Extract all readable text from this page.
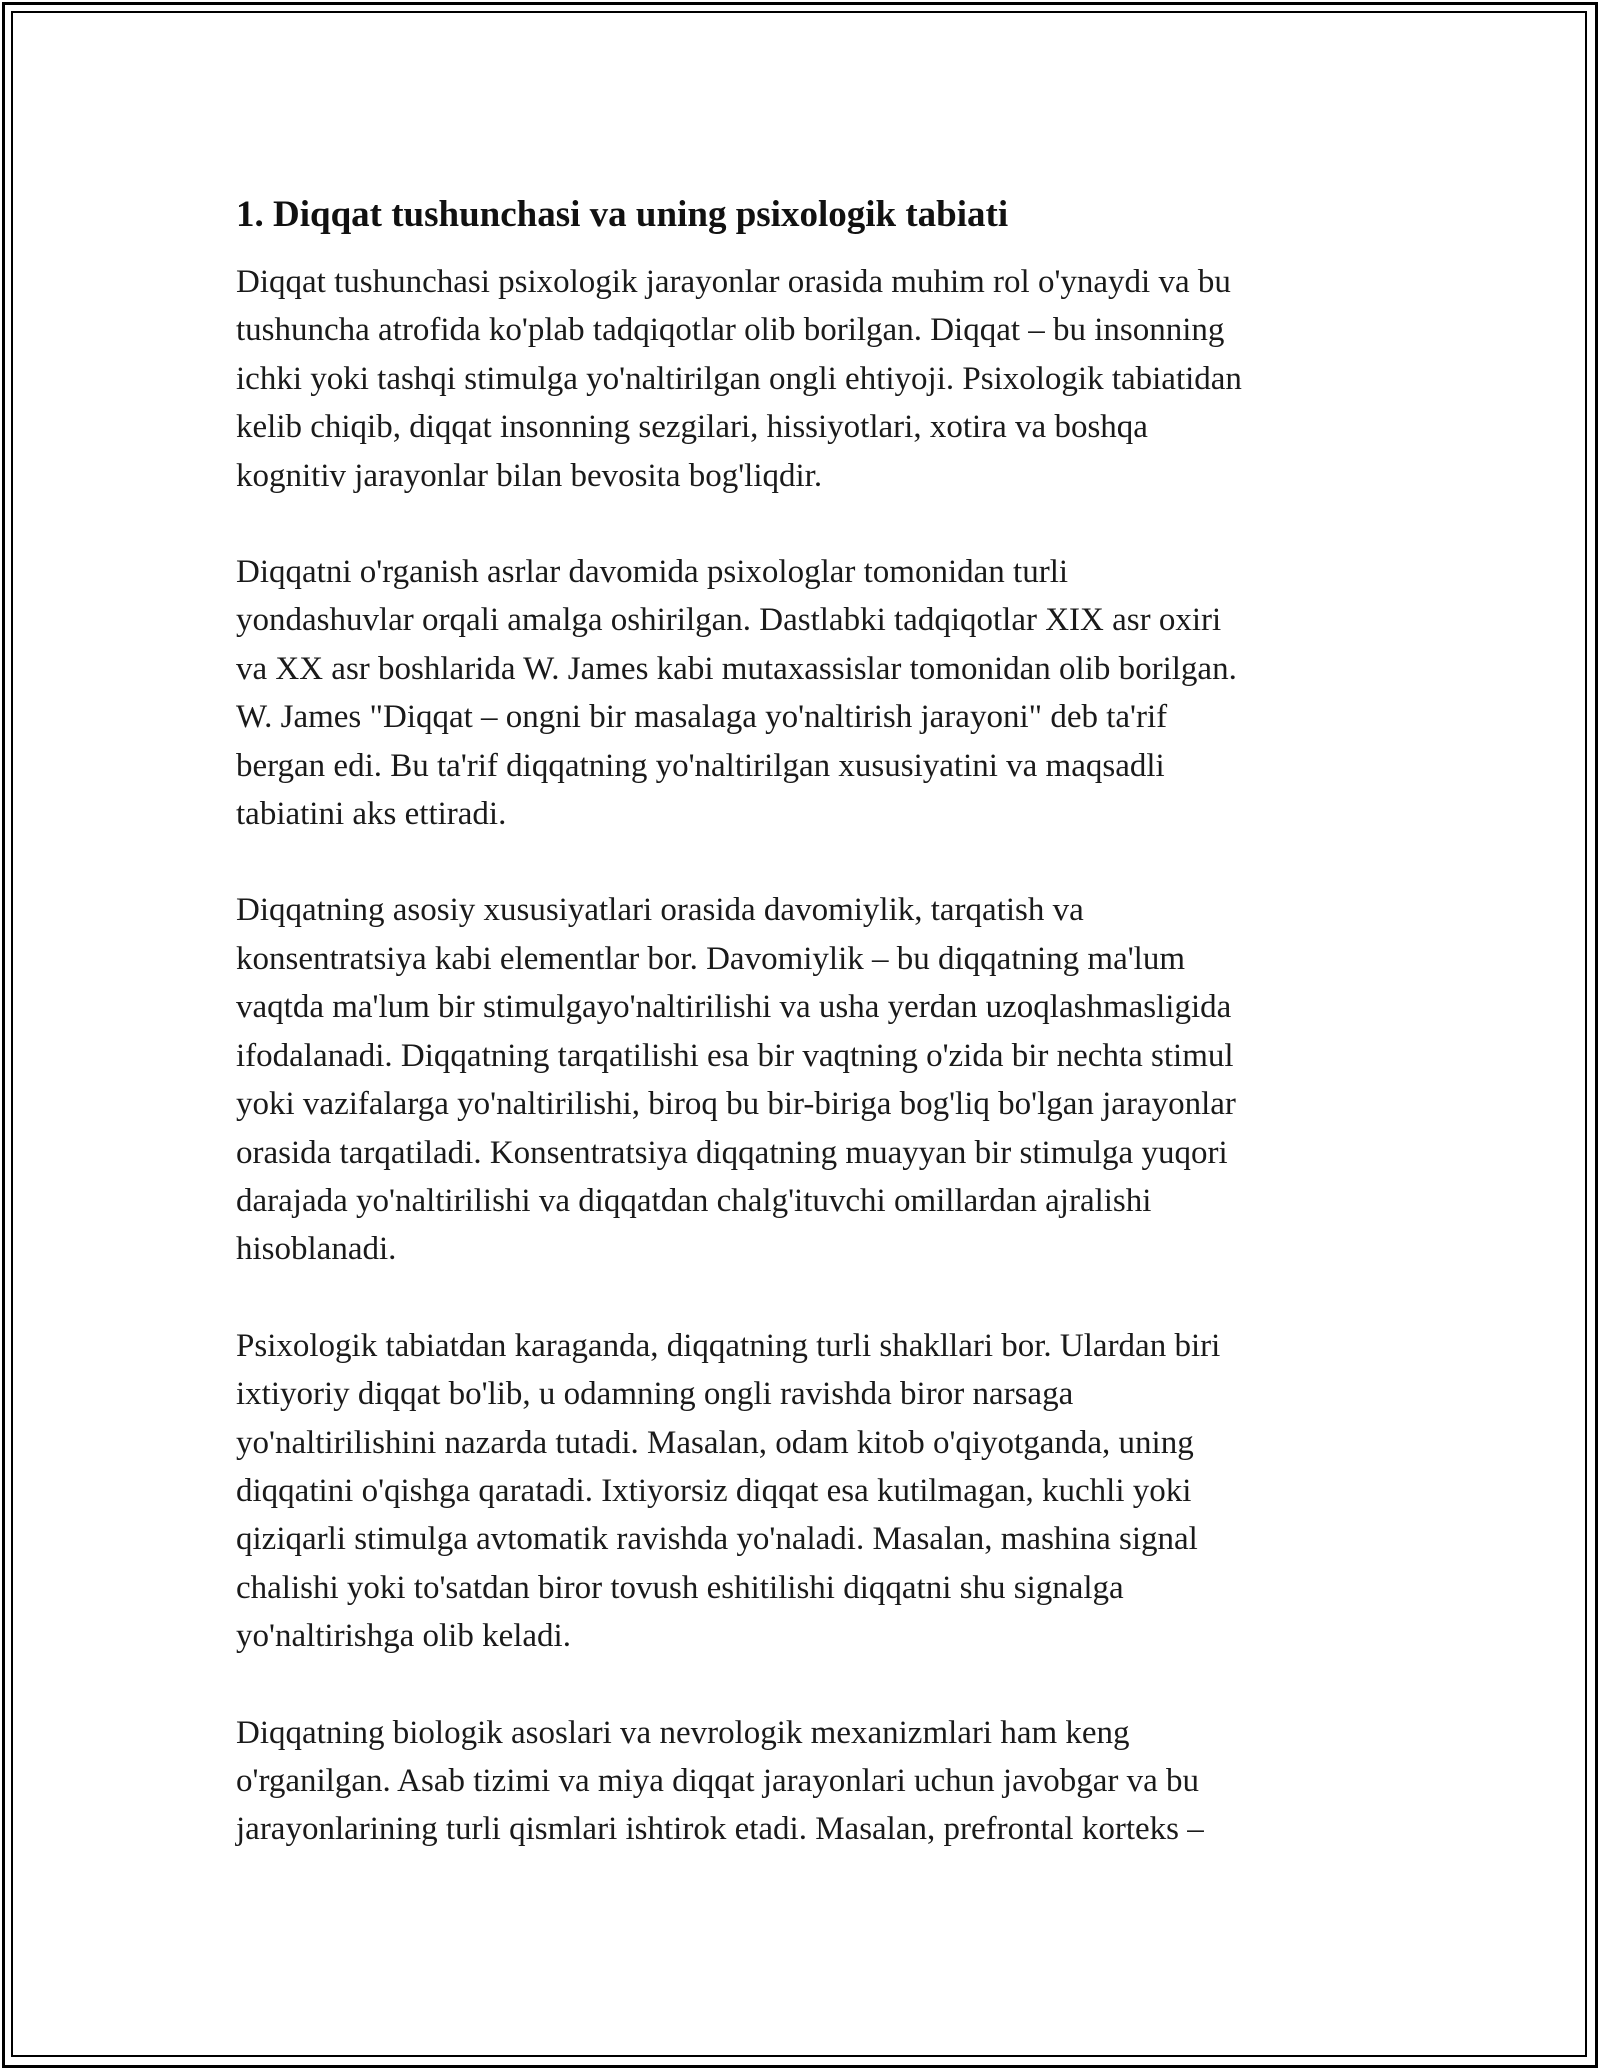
1. Diqqat tushunchasi va uning psixologik tabiati

Diqqat tushunchasi psixologik jarayonlar orasida muhim rol o'ynaydi va bu
tushuncha atrofida ko'plab tadqiqotlar olib borilgan. Diqqat – bu insonning
ichki yoki tashqi stimulga yo'naltirilgan ongli ehtiyoji. Psixologik tabiatidan
kelib chiqib, diqqat insonning sezgilari, hissiyotlari, xotira va boshqa
kognitiv jarayonlar bilan bevosita bog'liqdir.

Diqqatni o'rganish asrlar davomida psixologlar tomonidan turli
yondashuvlar orqali amalga oshirilgan. Dastlabki tadqiqotlar XIX asr oxiri
va XX asr boshlarida W. James kabi mutaxassislar tomonidan olib borilgan.
W. James "Diqqat – ongni bir masalaga yo'naltirish jarayoni" deb ta'rif
bergan edi. Bu ta'rif diqqatning yo'naltirilgan xususiyatini va maqsadli
tabiatini aks ettiradi.

Diqqatning asosiy xususiyatlari orasida davomiylik, tarqatish va
konsentratsiya kabi elementlar bor. Davomiylik – bu diqqatning ma'lum
vaqtda ma'lum bir stimulgayo'naltirilishi va usha yerdan uzoqlashmasligida
ifodalanadi. Diqqatning tarqatilishi esa bir vaqtning o'zida bir nechta stimul
yoki vazifalarga yo'naltirilishi, biroq bu bir-biriga bog'liq bo'lgan jarayonlar
orasida tarqatiladi. Konsentratsiya diqqatning muayyan bir stimulga yuqori
darajada yo'naltirilishi va diqqatdan chalg'ituvchi omillardan ajralishi
hisoblanadi.

Psixologik tabiatdan karaganda, diqqatning turli shakllari bor. Ulardan biri
ixtiyoriy diqqat bo'lib, u odamning ongli ravishda biror narsaga
yo'naltirilishini nazarda tutadi. Masalan, odam kitob o'qiyotganda, uning
diqqatini o'qishga qaratadi. Ixtiyorsiz diqqat esa kutilmagan, kuchli yoki
qiziqarli stimulga avtomatik ravishda yo'naladi. Masalan, mashina signal
chalishi yoki to'satdan biror tovush eshitilishi diqqatni shu signalga
yo'naltirishga olib keladi.

Diqqatning biologik asoslari va nevrologik mexanizmlari ham keng
o'rganilgan. Asab tizimi va miya diqqat jarayonlari uchun javobgar va bu
jarayonlarining turli qismlari ishtirok etadi. Masalan, prefrontal korteks –
